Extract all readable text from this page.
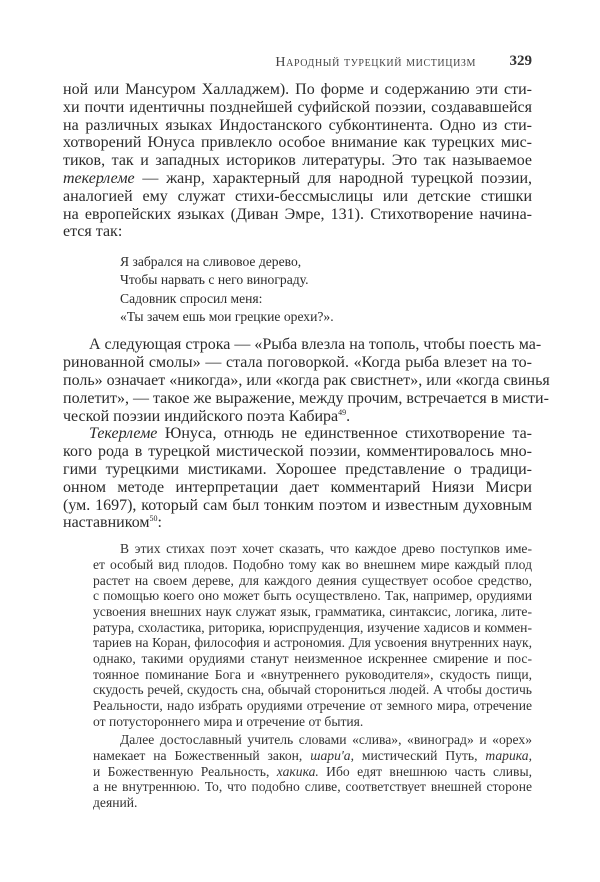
Народный турецкий мистицизм 329
ной или Мансуром Халладжем). По форме и содержанию эти сти-
хи почти идентичны позднейшей суфийской поэзии, создававшейся
на различных языках Индостанского субконтинента. Одно из сти-
хотворений Юнуса привлекло особое внимание как турецких мис-
тиков, так и западных историков литературы. Это так называемое
текерлеме — жанр, характерный для народной турецкой поэзии,
аналогией ему служат стихи-бессмыслицы или детские стишки
на европейских языках (Диван Эмре, 131). Стихотворение начина-
ется так:
Я забрался на сливовое дерево,
Чтобы нарвать с него винограду.
Садовник спросил меня:
«Ты зачем ешь мои грецкие орехи?».
А следующая строка — «Рыба влезла на тополь, чтобы поесть ма-
ринованной смолы» — стала поговоркой. «Когда рыба влезет на то-
поль» означает «никогда», или «когда рак свистнет», или «когда свинья
полетит», — такое же выражение, между прочим, встречается в мисти-
ческой поэзии индийского поэта Кабира$^{49}$.
Текерлеме Юнуса, отнюдь не единственное стихотворение та-
кого рода в турецкой мистической поэзии, комментировалось мно-
гими турецкими мистиками. Хорошее представление о традици-
онном методе интерпретации дает комментарий Ниязи Мисри
(ум. 1697), который сам был тонким поэтом и известным духовным
наставником$^{50}$:
В этих стихах поэт хочет сказать, что каждое древо поступков име-
ет особый вид плодов. Подобно тому как во внешнем мире каждый плод
растет на своем дереве, для каждого деяния существует особое средство,
с помощью коего оно может быть осуществлено. Так, например, орудиями
усвоения внешних наук служат язык, грамматика, синтаксис, логика, лите-
ратура, схоластика, риторика, юриспруденция, изучение хадисов и коммен-
тариев на Коран, философия и астрономия. Для усвоения внутренних наук,
однако, такими орудиями станут неизменное искреннее смирение и пос-
тоянное поминание Бога и «внутреннего руководителя», скудость пищи,
скудость речей, скудость сна, обычай сторониться людей. А чтобы достичь
Реальности, надо избрать орудиями отречение от земного мира, отречение
от потустороннего мира и отречение от бытия.
Далее достославный учитель словами «слива», «виноград» и «орех»
намекает на Божественный закон, шари'а, мистический Путь, тарика,
и Божественную Реальность, хакика. Ибо едят внешнюю часть сливы,
а не внутреннюю. То, что подобно сливе, соответствует внешней стороне
деяний.
